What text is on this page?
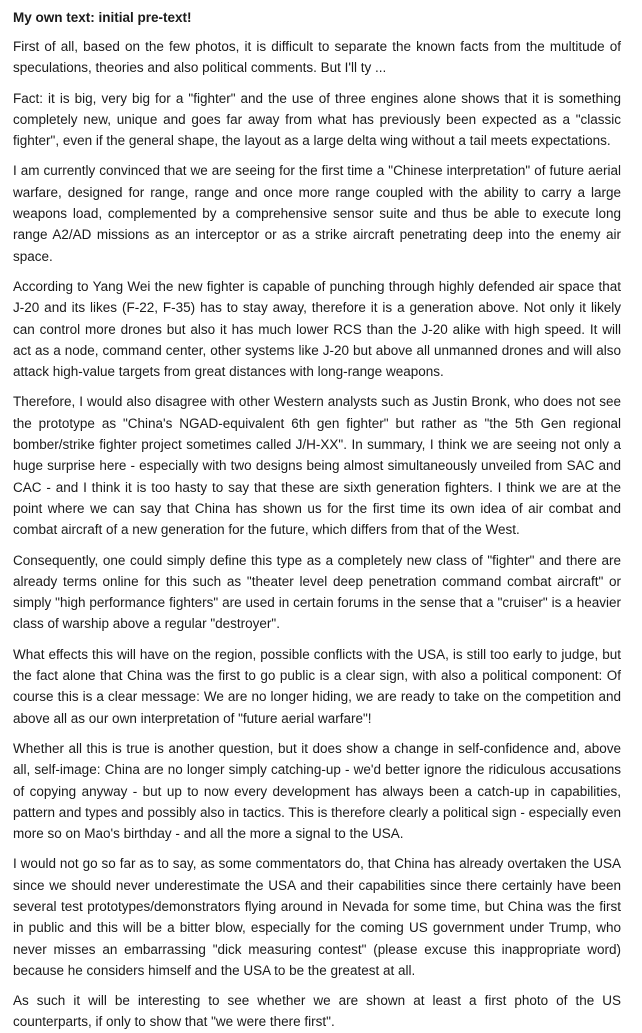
My own text: initial pre-text!

First of all, based on the few photos, it is difficult to separate the known facts from the multitude of speculations, theories and also political comments. But I'll ty ...

Fact: it is big, very big for a "fighter" and the use of three engines alone shows that it is something completely new, unique and goes far away from what has previously been expected as a "classic fighter", even if the general shape, the layout as a large delta wing without a tail meets expectations.

I am currently convinced that we are seeing for the first time a "Chinese interpretation" of future aerial warfare, designed for range, range and once more range coupled with the ability to carry a large weapons load, complemented by a comprehensive sensor suite and thus be able to execute long range A2/AD missions as an interceptor or as a strike aircraft penetrating deep into the enemy air space.

According to Yang Wei the new fighter is capable of punching through highly defended air space that J-20 and its likes (F-22, F-35) has to stay away, therefore it is a generation above. Not only it likely can control more drones but also it has much lower RCS than the J-20 alike with high speed. It will act as a node, command center, other systems like J-20 but above all unmanned drones and will also attack high-value targets from great distances with long-range weapons.

Therefore, I would also disagree with other Western analysts such as Justin Bronk, who does not see the prototype as "China's NGAD-equivalent 6th gen fighter" but rather as "the 5th Gen regional bomber/strike fighter project sometimes called J/H-XX". In summary, I think we are seeing not only a huge surprise here - especially with two designs being almost simultaneously unveiled from SAC and CAC - and I think it is too hasty to say that these are sixth generation fighters. I think we are at the point where we can say that China has shown us for the first time its own idea of air combat and combat aircraft of a new generation for the future, which differs from that of the West.

Consequently, one could simply define this type as a completely new class of "fighter" and there are already terms online for this such as "theater level deep penetration command combat aircraft" or simply "high performance fighters" are used in certain forums in the sense that a "cruiser" is a heavier class of warship above a regular "destroyer".

What effects this will have on the region, possible conflicts with the USA, is still too early to judge, but the fact alone that China was the first to go public is a clear sign, with also a political component: Of course this is a clear message: We are no longer hiding, we are ready to take on the competition and above all as our own interpretation of "future aerial warfare"!

Whether all this is true is another question, but it does show a change in self-confidence and, above all, self-image: China are no longer simply catching-up - we'd better ignore the ridiculous accusations of copying anyway - but up to now every development has always been a catch-up in capabilities, pattern and types and possibly also in tactics. This is therefore clearly a political sign - especially even more so on Mao's birthday - and all the more a signal to the USA.

I would not go so far as to say, as some commentators do, that China has already overtaken the USA since we should never underestimate the USA and their capabilities since there certainly have been several test prototypes/demonstrators flying around in Nevada for some time, but China was the first in public and this will be a bitter blow, especially for the coming US government under Trump, who never misses an embarrassing "dick measuring contest" (please excuse this inappropriate word) because he considers himself and the USA to be the greatest at all.

As such it will be interesting to see whether we are shown at least a first photo of the US counterparts, if only to show that "we were there first".
